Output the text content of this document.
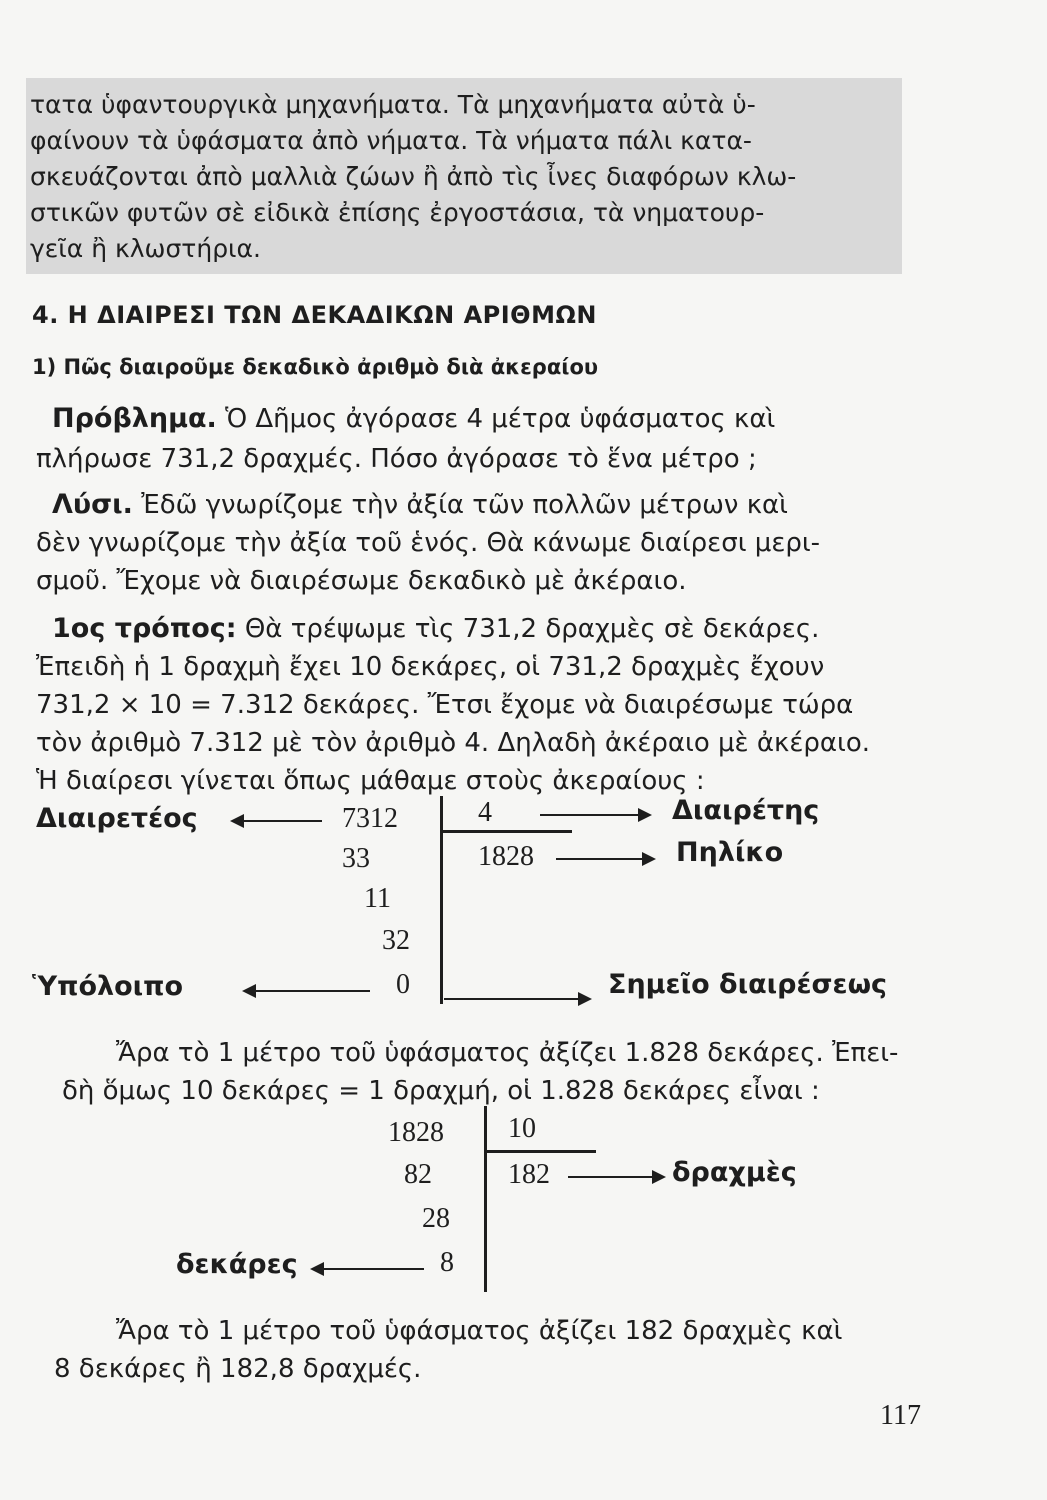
τατα ὑφαντουργικὰ μηχανήματα. Τὰ μηχανήματα αὐτὰ ὑ-
φαίνουν τὰ ὑφάσματα ἀπὸ νήματα. Τὰ νήματα πάλι κατα-
σκευάζονται ἀπὸ μαλλιὰ ζώων ἢ ἀπὸ τὶς ἶνες διαφόρων κλω-
στικῶν φυτῶν σὲ εἰδικὰ ἐπίσης ἐργοστάσια, τὰ νηματουρ-
γεῖα ἢ κλωστήρια.
4. Η ΔΙΑΙΡΕΣΙ ΤΩΝ ΔΕΚΑΔΙΚΩΝ ΑΡΙΘΜΩΝ
1) Πῶς διαιροῦμε δεκαδικὸ ἀριθμὸ διὰ ἀκεραίου
Πρόβλημα. Ὁ Δῆμος ἀγόρασε 4 μέτρα ὑφάσματος καὶ
πλήρωσε 731,2 δραχμές. Πόσο ἀγόρασε τὸ ἕνα μέτρο ;
Λύσι. Ἐδῶ γνωρίζομε τὴν ἀξία τῶν πολλῶν μέτρων καὶ
δὲν γνωρίζομε τὴν ἀξία τοῦ ἑνός. Θὰ κάνωμε διαίρεσι μερι-
σμοῦ. Ἔχομε νὰ διαιρέσωμε δεκαδικὸ μὲ ἀκέραιο.
1ος τρόπος: Θὰ τρέψωμε τὶς 731,2 δραχμὲς σὲ δεκάρες.
Ἐπειδὴ ἡ 1 δραχμὴ ἔχει 10 δεκάρες, οἱ 731,2 δραχμὲς ἔχουν
731,2 × 10 = 7.312 δεκάρες. Ἔτσι ἔχομε νὰ διαιρέσωμε τώρα
τὸν ἀριθμὸ 7.312 μὲ τὸν ἀριθμὸ 4. Δηλαδὴ ἀκέραιο μὲ ἀκέραιο.
Ἡ διαίρεσι γίνεται ὅπως μάθαμε στοὺς ἀκεραίους :
Διαιρετέος	7312	4	Διαιρέτης
33	1828	Πηλίκο
11
32
Ὑπόλοιπο	0	Σημεῖο διαιρέσεως
Ἄρα τὸ 1 μέτρο τοῦ ὑφάσματος ἀξίζει 1.828 δεκάρες. Ἐπει-
δὴ ὅμως 10 δεκάρες = 1 δραχμή, οἱ 1.828 δεκάρες εἶναι :
1828 10
82	182	δραχμὲς
28
δεκάρες	8
Ἄρα τὸ 1 μέτρο τοῦ ὑφάσματος ἀξίζει 182 δραχμὲς καὶ
8 δεκάρες ἢ 182,8 δραχμές.
117
